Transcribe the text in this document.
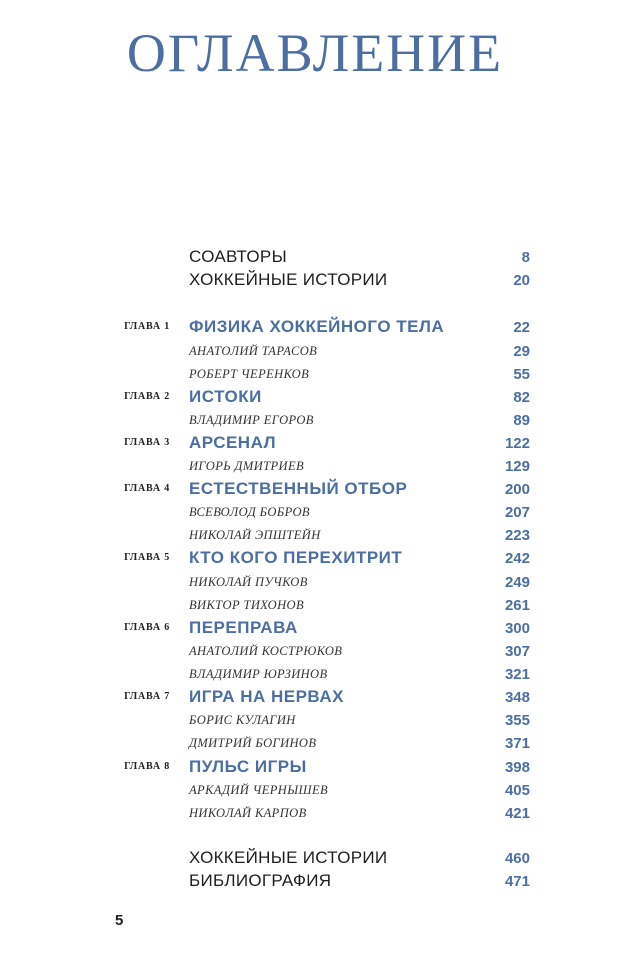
ОГЛАВЛЕНИЕ
СОАВТОРЫ	8
ХОККЕЙНЫЕ ИСТОРИИ	20
ГЛАВА 1 ФИЗИКА ХОККЕЙНОГО ТЕЛА	22
АНАТОЛИЙ ТАРАСОВ	29
РОБЕРТ ЧЕРЕНКОВ	55
ГЛАВА 2 ИСТОКИ	82
ВЛАДИМИР ЕГОРОВ	89
ГЛАВА 3 АРСЕНАЛ	122
ИГОРЬ ДМИТРИЕВ	129
ГЛАВА 4 ЕСТЕСТВЕННЫЙ ОТБОР	200
ВСЕВОЛОД БОБРОВ	207
НИКОЛАЙ ЭПШТЕЙН	223
ГЛАВА 5 КТО КОГО ПЕРЕХИТРИТ	242
НИКОЛАЙ ПУЧКОВ	249
ВИКТОР ТИХОНОВ	261
ГЛАВА 6 ПЕРЕПРАВА	300
АНАТОЛИЙ КОСТРЮКОВ	307
ВЛАДИМИР ЮРЗИНОВ	321
ГЛАВА 7 ИГРА НА НЕРВАХ	348
БОРИС КУЛАГИН	355
ДМИТРИЙ БОГИНОВ	371
ГЛАВА 8 ПУЛЬС ИГРЫ	398
АРКАДИЙ ЧЕРНЫШЕВ	405
НИКОЛАЙ КАРПОВ	421
ХОККЕЙНЫЕ ИСТОРИИ	460
БИБЛИОГРАФИЯ	471
5
